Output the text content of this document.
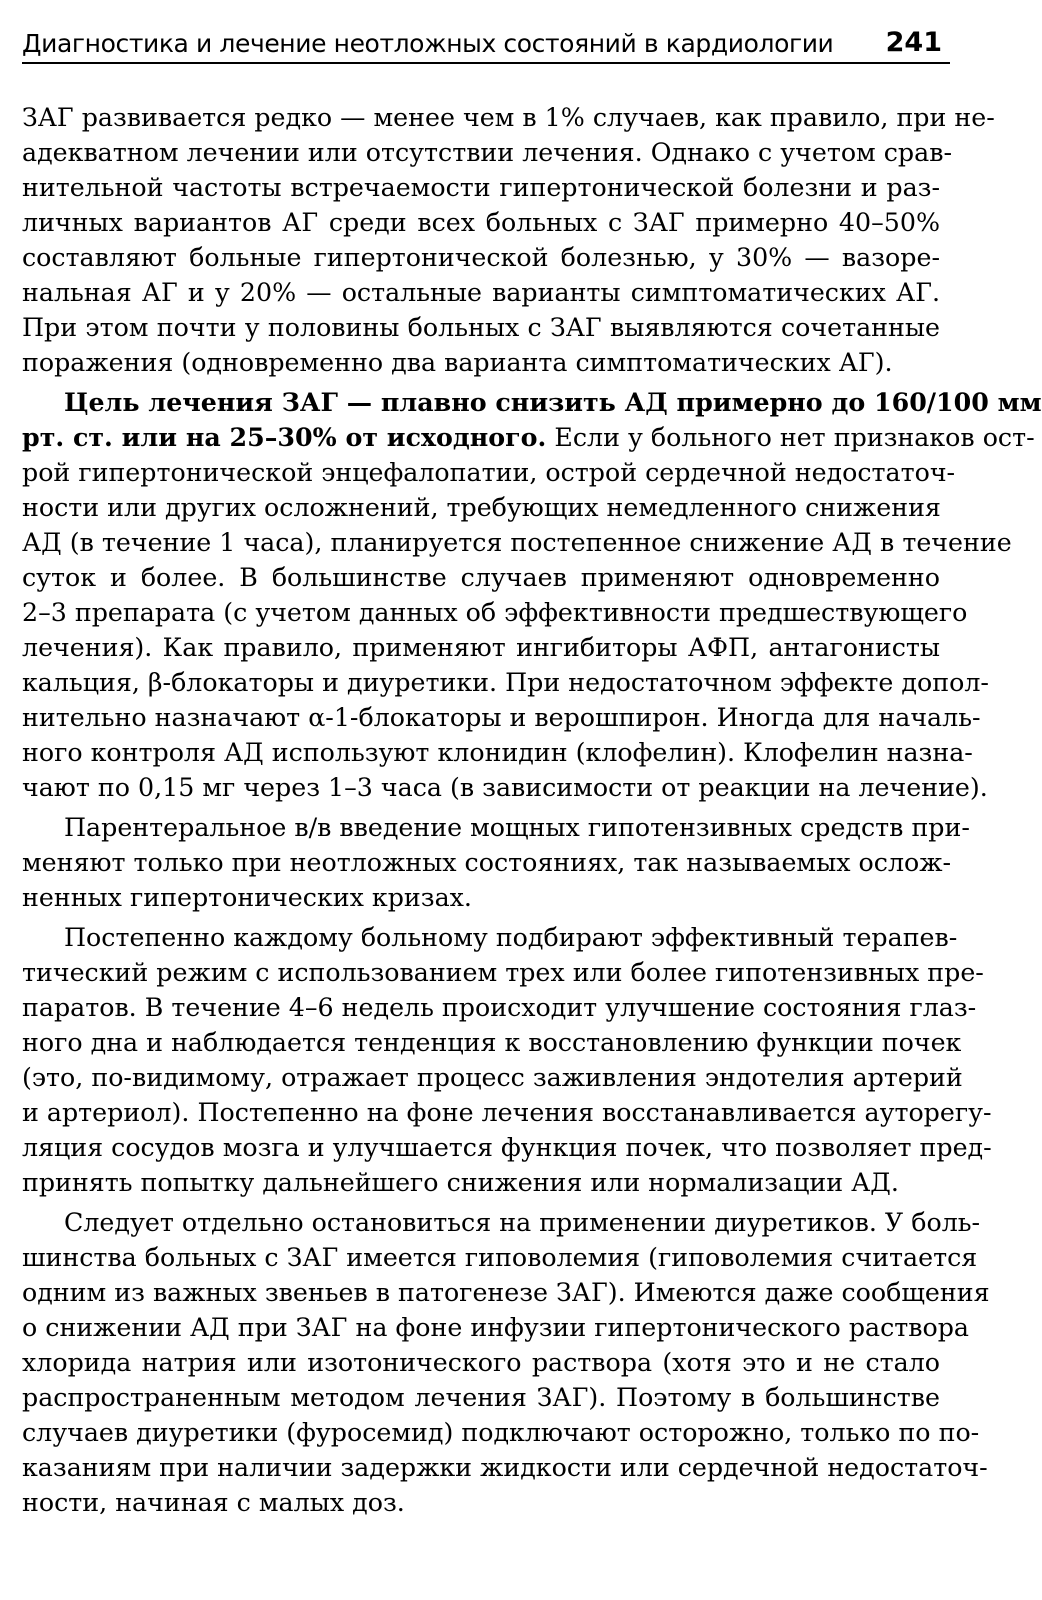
Диагностика и лечение неотложных состояний в кардиологии 241
ЗАГ развивается редко — менее чем в 1% случаев, как правило, при не-
адекватном лечении или отсутствии лечения. Однако с учетом срав-
нительной частоты встречаемости гипертонической болезни и раз-
личных вариантов АГ среди всех больных с ЗАГ примерно 40–50%
составляют больные гипертонической болезнью, у 30% — вазоре-
нальная АГ и у 20% — остальные варианты симптоматических АГ.
При этом почти у половины больных с ЗАГ выявляются сочетанные
поражения (одновременно два варианта симптоматических АГ).
Цель лечения ЗАГ — плавно снизить АД примерно до 160/100 мм
рт. ст. или на 25–30% от исходного. Если у больного нет признаков ост-
рой гипертонической энцефалопатии, острой сердечной недостаточ-
ности или других осложнений, требующих немедленного снижения
АД (в течение 1 часа), планируется постепенное снижение АД в течение
суток и более. В большинстве случаев применяют одновременно
2–3 препарата (с учетом данных об эффективности предшествующего
лечения). Как правило, применяют ингибиторы АФП, антагонисты
кальция, β-блокаторы и диуретики. При недостаточном эффекте допол-
нительно назначают α-1-блокаторы и верошпирон. Иногда для началь-
ного контроля АД используют клонидин (клофелин). Клофелин назна-
чают по 0,15 мг через 1–3 часа (в зависимости от реакции на лечение).
Парентеральное в/в введение мощных гипотензивных средств при-
меняют только при неотложных состояниях, так называемых ослож-
ненных гипертонических кризах.
Постепенно каждому больному подбирают эффективный терапев-
тический режим с использованием трех или более гипотензивных пре-
паратов. В течение 4–6 недель происходит улучшение состояния глаз-
ного дна и наблюдается тенденция к восстановлению функции почек
(это, по-видимому, отражает процесс заживления эндотелия артерий
и артериол). Постепенно на фоне лечения восстанавливается ауторегу-
ляция сосудов мозга и улучшается функция почек, что позволяет пред-
принять попытку дальнейшего снижения или нормализации АД.
Следует отдельно остановиться на применении диуретиков. У боль-
шинства больных с ЗАГ имеется гиповолемия (гиповолемия считается
одним из важных звеньев в патогенезе ЗАГ). Имеются даже сообщения
о снижении АД при ЗАГ на фоне инфузии гипертонического раствора
хлорида натрия или изотонического раствора (хотя это и не стало
распространенным методом лечения ЗАГ). Поэтому в большинстве
случаев диуретики (фуросемид) подключают осторожно, только по по-
казаниям при наличии задержки жидкости или сердечной недостаточ-
ности, начиная с малых доз.
